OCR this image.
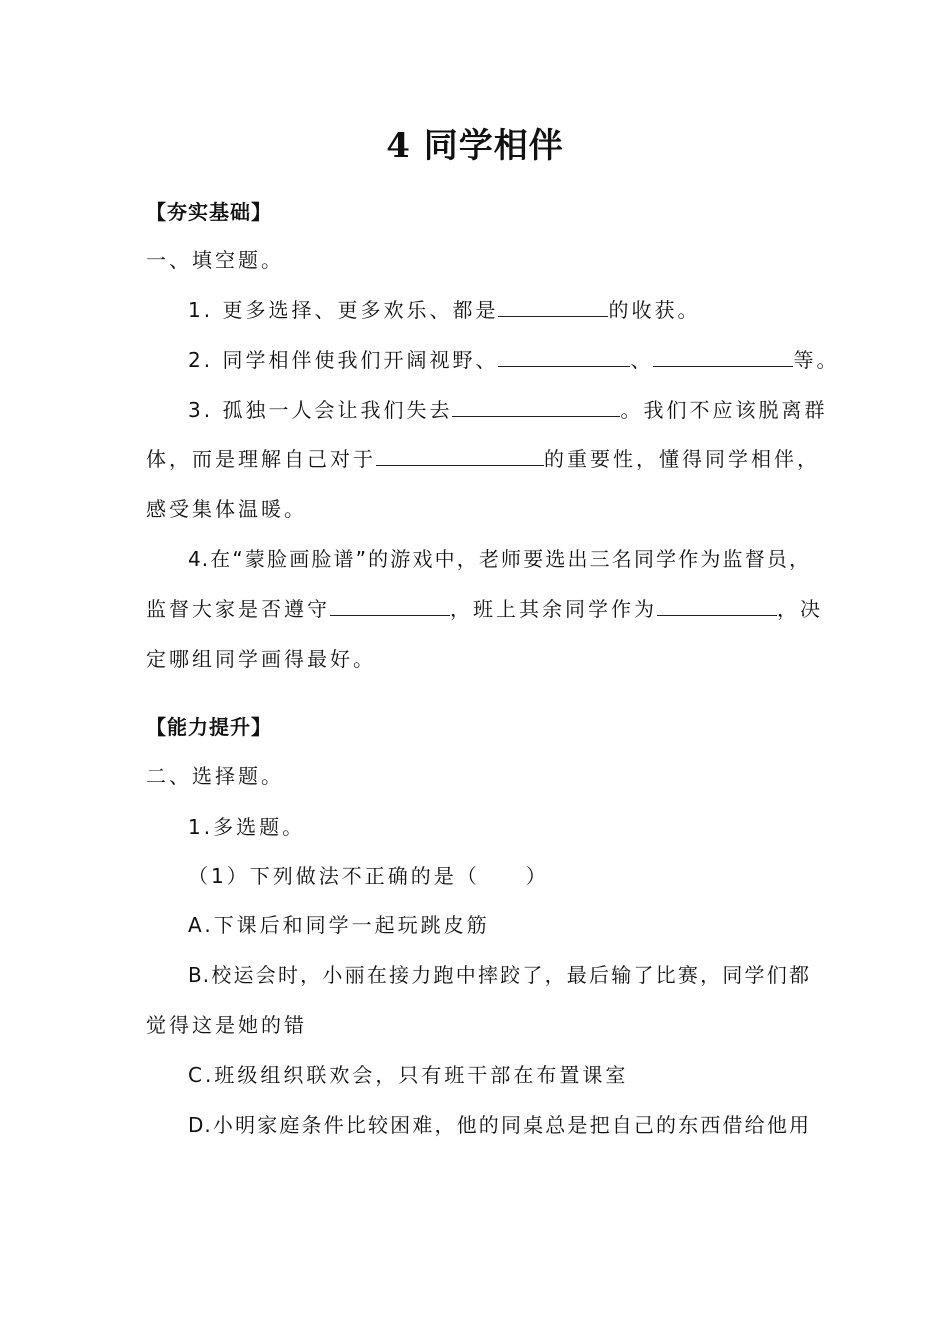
4 同学相伴
【夯实基础】
一、填空题。
1. 更多选择、更多欢乐、都是	的收获。
2. 同学相伴使我们开阔视野、	、	等。
3. 孤独一人会让我们失去	。我们不应该脱离群
体，而是理解自己对于	的重要性，懂得同学相伴，
感受集体温暖。
4.在“蒙脸画脸谱”的游戏中，老师要选出三名同学作为监督员，
监督大家是否遵守	，班上其余同学作为	，决
定哪组同学画得最好。
【能力提升】
二、选择题。
1.多选题。
（1）下列做法不正确的是（　　）
A.下课后和同学一起玩跳皮筋
B.校运会时，小丽在接力跑中摔跤了，最后输了比赛，同学们都
觉得这是她的错
C.班级组织联欢会，只有班干部在布置课室
D.小明家庭条件比较困难，他的同桌总是把自己的东西借给他用
